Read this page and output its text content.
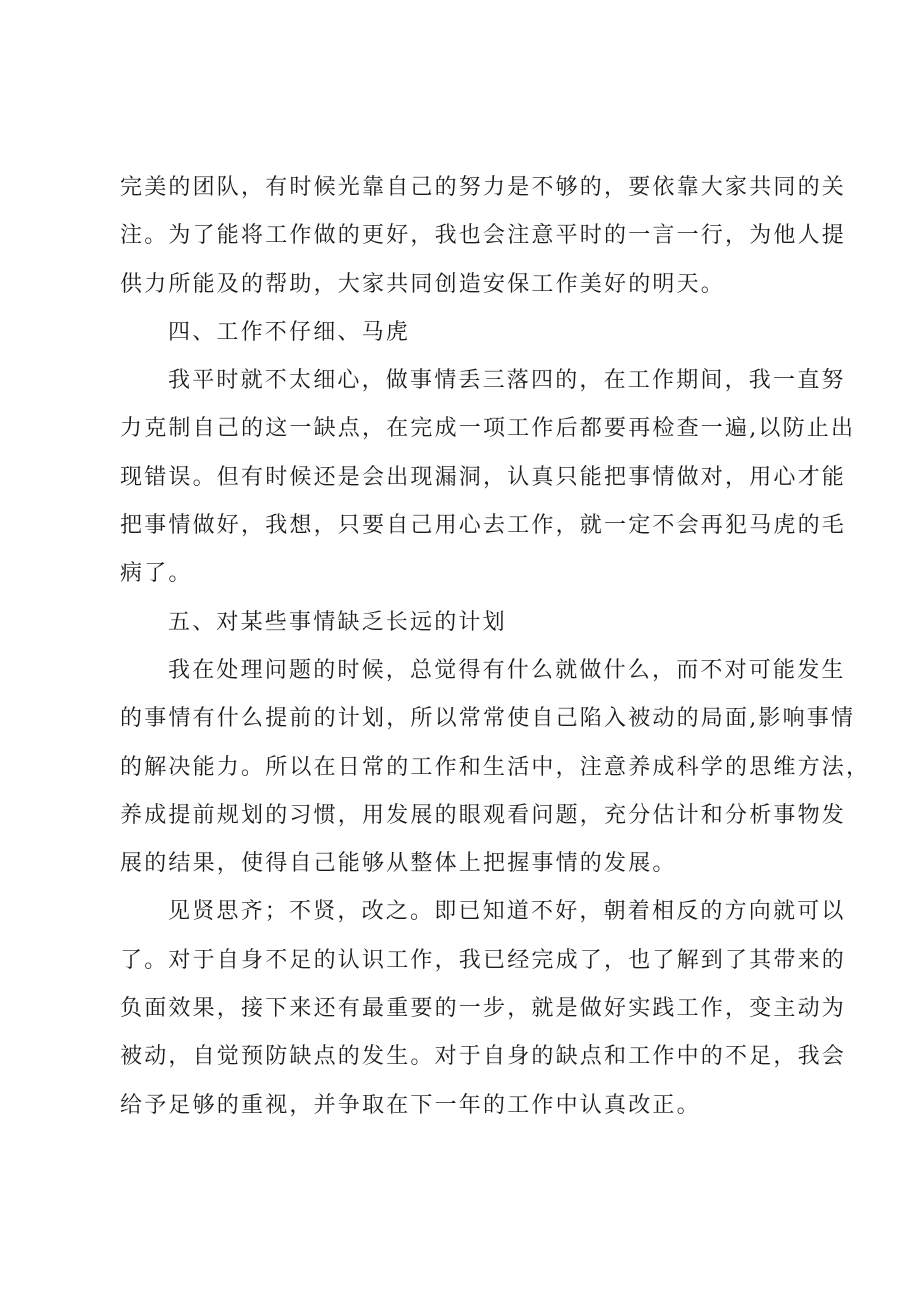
完美的团队，有时候光靠自己的努力是不够的，要依靠大家共同的关
注。为了能将工作做的更好，我也会注意平时的一言一行，为他人提
供力所能及的帮助，大家共同创造安保工作美好的明天。
四、工作不仔细、马虎
我平时就不太细心，做事情丢三落四的，在工作期间，我一直努
力克制自己的这一缺点，在完成一项工作后都要再检查一遍,以防止出
现错误。但有时候还是会出现漏洞，认真只能把事情做对，用心才能
把事情做好，我想，只要自己用心去工作，就一定不会再犯马虎的毛
病了。
五、对某些事情缺乏长远的计划
我在处理问题的时候，总觉得有什么就做什么，而不对可能发生
的事情有什么提前的计划，所以常常使自己陷入被动的局面,影响事情
的解决能力。所以在日常的工作和生活中，注意养成科学的思维方法，
养成提前规划的习惯，用发展的眼观看问题，充分估计和分析事物发
展的结果，使得自己能够从整体上把握事情的发展。
见贤思齐；不贤，改之。即已知道不好，朝着相反的方向就可以
了。对于自身不足的认识工作，我已经完成了，也了解到了其带来的
负面效果，接下来还有最重要的一步，就是做好实践工作，变主动为
被动，自觉预防缺点的发生。对于自身的缺点和工作中的不足，我会
给予足够的重视，并争取在下一年的工作中认真改正。
